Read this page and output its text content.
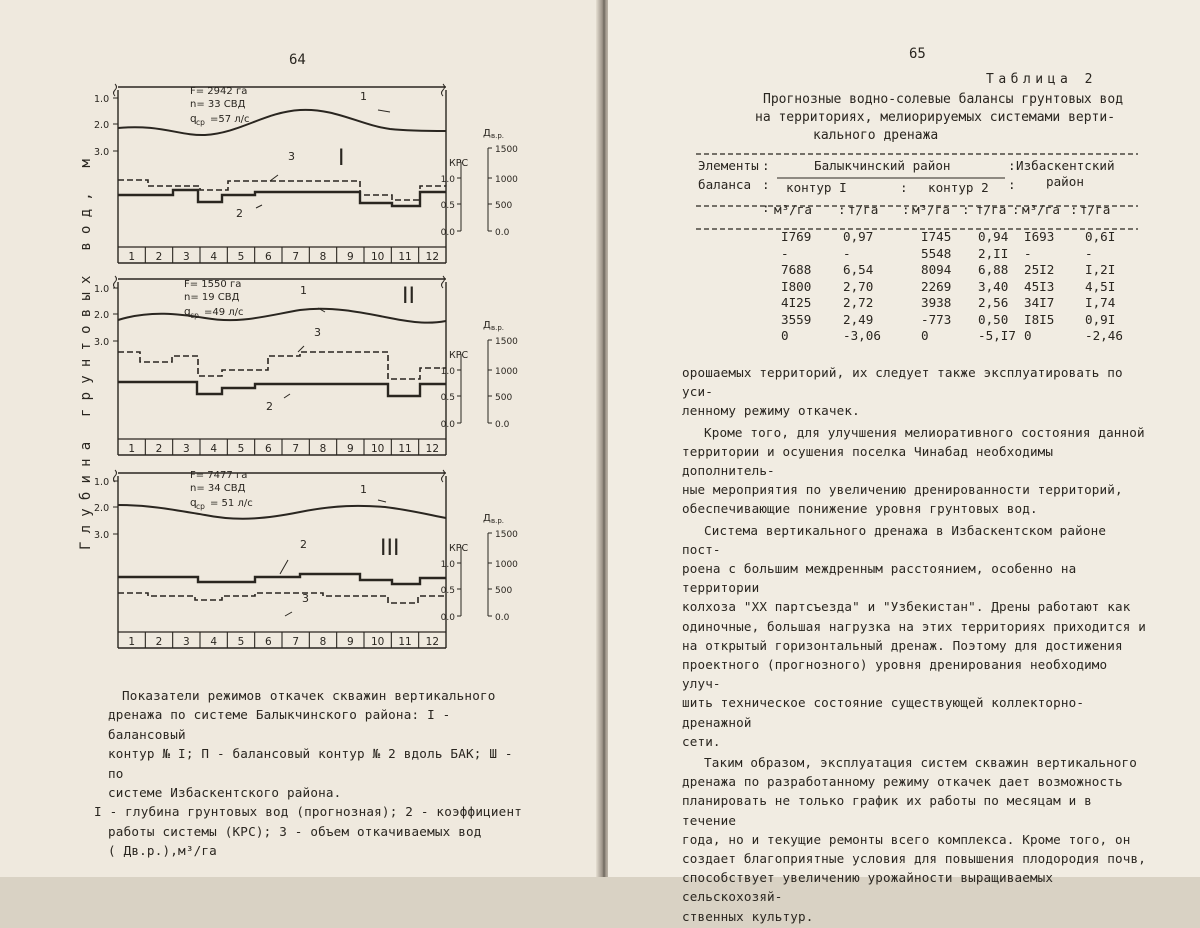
64
Глубина грунтовых вод, м
1.0
2.0
3.0
1 2 3 4 5 6 7 8 9 10 11 12
1
2
3 I
F= 2942 га
n= 33 СВД
q ср =57 л/с
КРС
1.0
0.5
0.0
Д в.р.
1500
1000
500
0.0
1.0
2.0
3.0
1 2 3 4 5 6 7 8 9 10 11 12
1
2
3
II
F= 1550 га
n= 19 СВД
q ср =49 л/с
КРС
1.0
0.5
0.0
Д в.р.
1500
1000
500
0.0
1.0
2.0
3.0
1 2 3 4 5 6 7 8 9 10 11 12
1
2
3
III
F= 7477 га
n= 34 СВД
q ср = 51 л/с
КРС
1.0
0.5
0.0
Д в.р.
1500
1000
500
0.0

Показатели режимов откачек скважин вертикального

дренажа по системе Балыкчинского района: I - балансовый

контур № I; П - балансовый контур № 2 вдоль БАК; Ш - по

системе Избаскентского района.

I - глубина грунтовых вод (прогнозная); 2 - коэффициент

работы системы (КРС); 3 - объем откачиваемых вод

( Дв.р.),м³/га

65
Таблица 2
Прогнозные водно-солевые балансы грунтовых вод
на территориях, мелиорируемых системами верти-
кального дренажа
Элементы
баланса
:
:
:
Балыкчинский район	Избаскентский
:
район
:
контур I	: контур 2
м³/га : т/га : м³/га : т/га : м³/га : т/га
I769	0,97	I745 0,94 I693 0,6I
-	-	5548 2,II -	-
7688	6,54	8094 6,88 25I2 I,2I
I800	2,70	2269 3,40 45I3 4,5I
4I25	2,72	3938 2,56 34I7 I,74
3559	2,49	-773 0,50 I8I5 0,9I
0	-3,06	0	-5,I7 0	-2,46

орошаемых территорий, их следует также эксплуатировать по уси-

ленному режиму откачек.

Кроме того, для улучшения мелиоративного состояния данной

территории и осушения поселка Чинабад необходимы дополнитель-

ные мероприятия по увеличению дренированности территорий,

обеспечивающие понижение уровня грунтовых вод.

Система вертикального дренажа в Избаскентском районе пост-

роена с большим междренным расстоянием, особенно на территории

колхоза "XX партсъезда" и "Узбекистан". Дрены работают как

одиночные, большая нагрузка на этих территориях приходится и

на открытый горизонтальный дренаж. Поэтому для достижения

проектного (прогнозного) уровня дренирования необходимо улуч-

шить техническое состояние существующей коллекторно-дренажной

сети.

Таким образом, эксплуатация систем скважин вертикального

дренажа по разработанному режиму откачек дает возможность

планировать не только график их работы по месяцам и в течение

года, но и текущие ремонты всего комплекса. Кроме того, он

создает благоприятные условия для повышения плодородия почв,

способствует увеличению урожайности выращиваемых сельскохозяй-

ственных культур.
